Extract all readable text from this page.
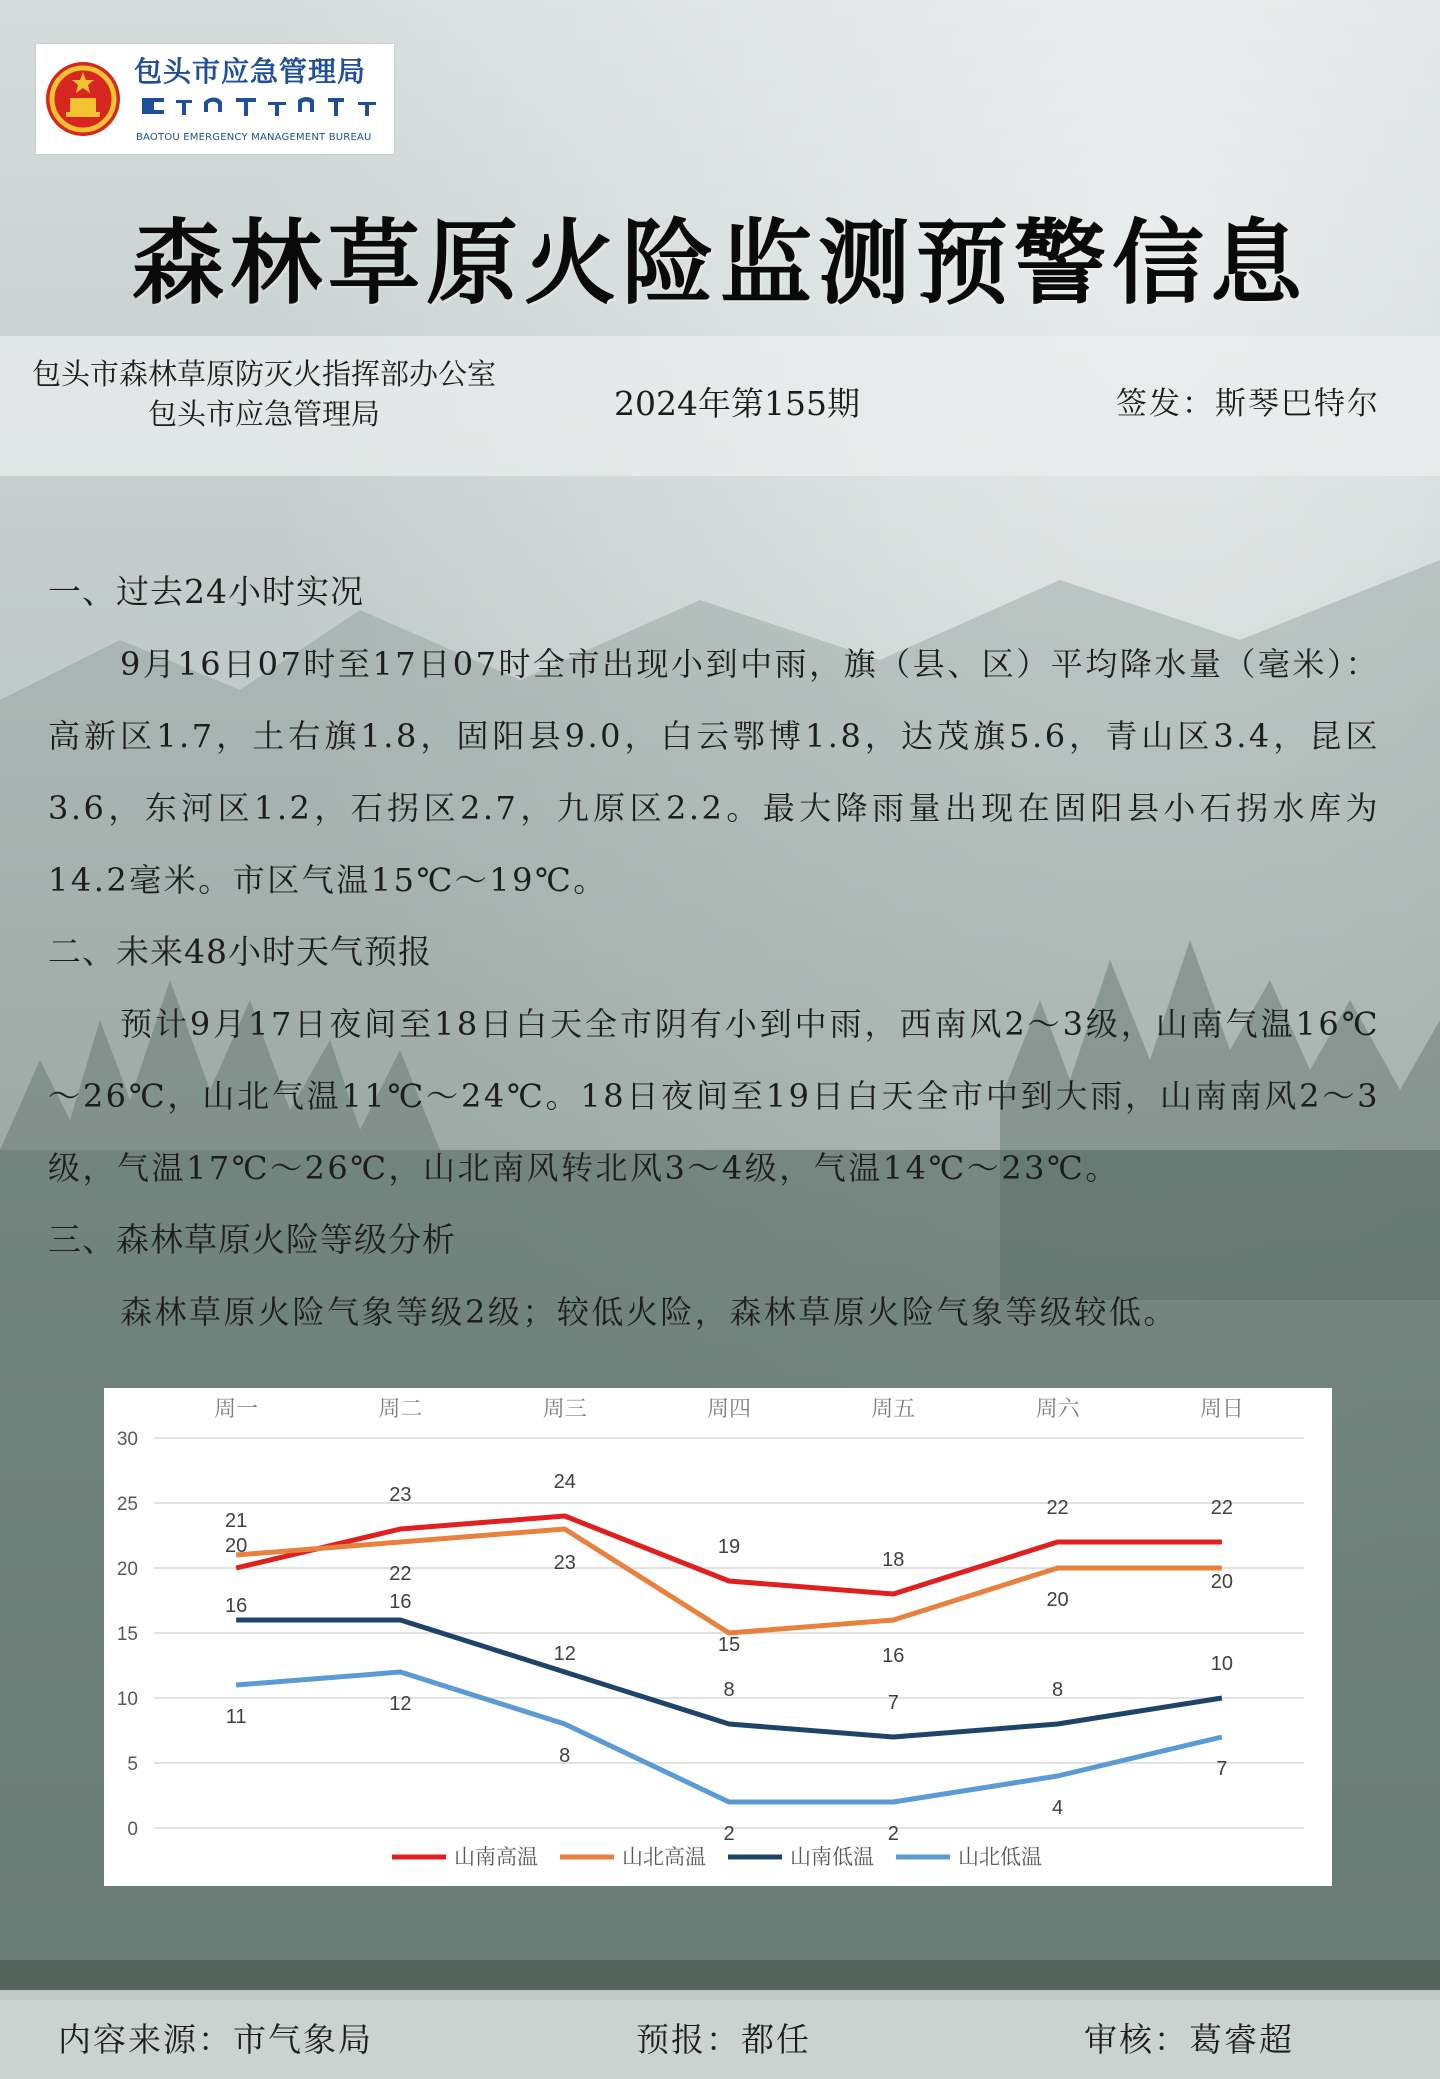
包头市应急管理局
BAOTOU EMERGENCY MANAGEMENT BUREAU
森林草原火险监测预警信息
包头市森林草原防灭火指挥部办公室
包头市应急管理局	2024年第155期	签发：斯琴巴特尔

一、过去24小时实况

9月16日07时至17日07时全市出现小到中雨，旗（县、区）平均降水量（毫米）：高新区1.7，土右旗1.8，固阳县9.0，白云鄂博1.8，达茂旗5.6，青山区3.4，昆区3.6，东河区1.2，石拐区2.7，九原区2.2。最大降雨量出现在固阳县小石拐水库为14.2毫米。市区气温15℃～19℃。

二、未来48小时天气预报

预计9月17日夜间至18日白天全市阴有小到中雨，西南风2～3级，山南气温16℃～26℃，山北气温11℃～24℃。18日夜间至19日白天全市中到大雨，山南南风2～3级，气温17℃～26℃，山北南风转北风3～4级，气温14℃～23℃。

三、森林草原火险等级分析

森林草原火险气象等级2级；较低火险，森林草原火险气象等级较低。

0
5
10
15
20
25
30
周一	周二	周三	周四	周五	周六	周日
20
23
24
19
18
22	22
21
22	23
15	16
20
20
16	16
12
8
7
8
10
11
12
8
2	2
4
7
山南高温	山北高温	山南低温	山北低温
内容来源：市气象局	预报：都任	审核：葛睿超
